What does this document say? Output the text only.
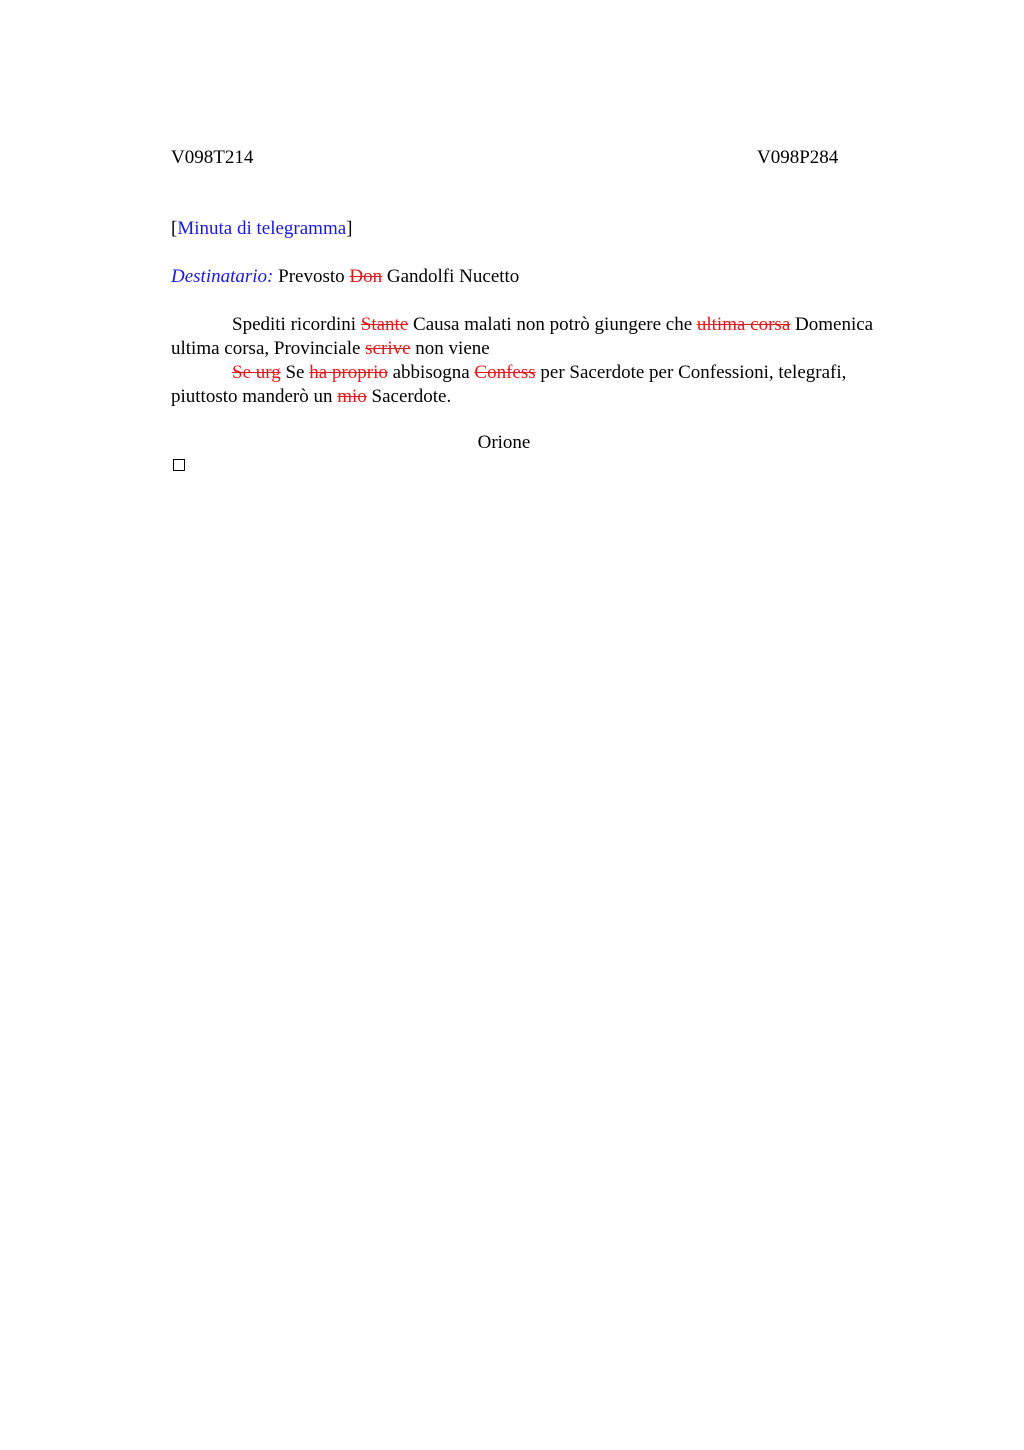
V098T214	V098P284
[Minuta di telegramma]
Destinatario: Prevosto Don Gandolfi Nucetto

Spediti ricordini Stante Causa malati non potrò giungere che ultima corsa Domenica ultima corsa, Provinciale scrive non viene

Se urg Se ha proprio abbisogna Confess per Sacerdote per Confessioni, telegrafi, piuttosto manderò un mio Sacerdote.

Orione
